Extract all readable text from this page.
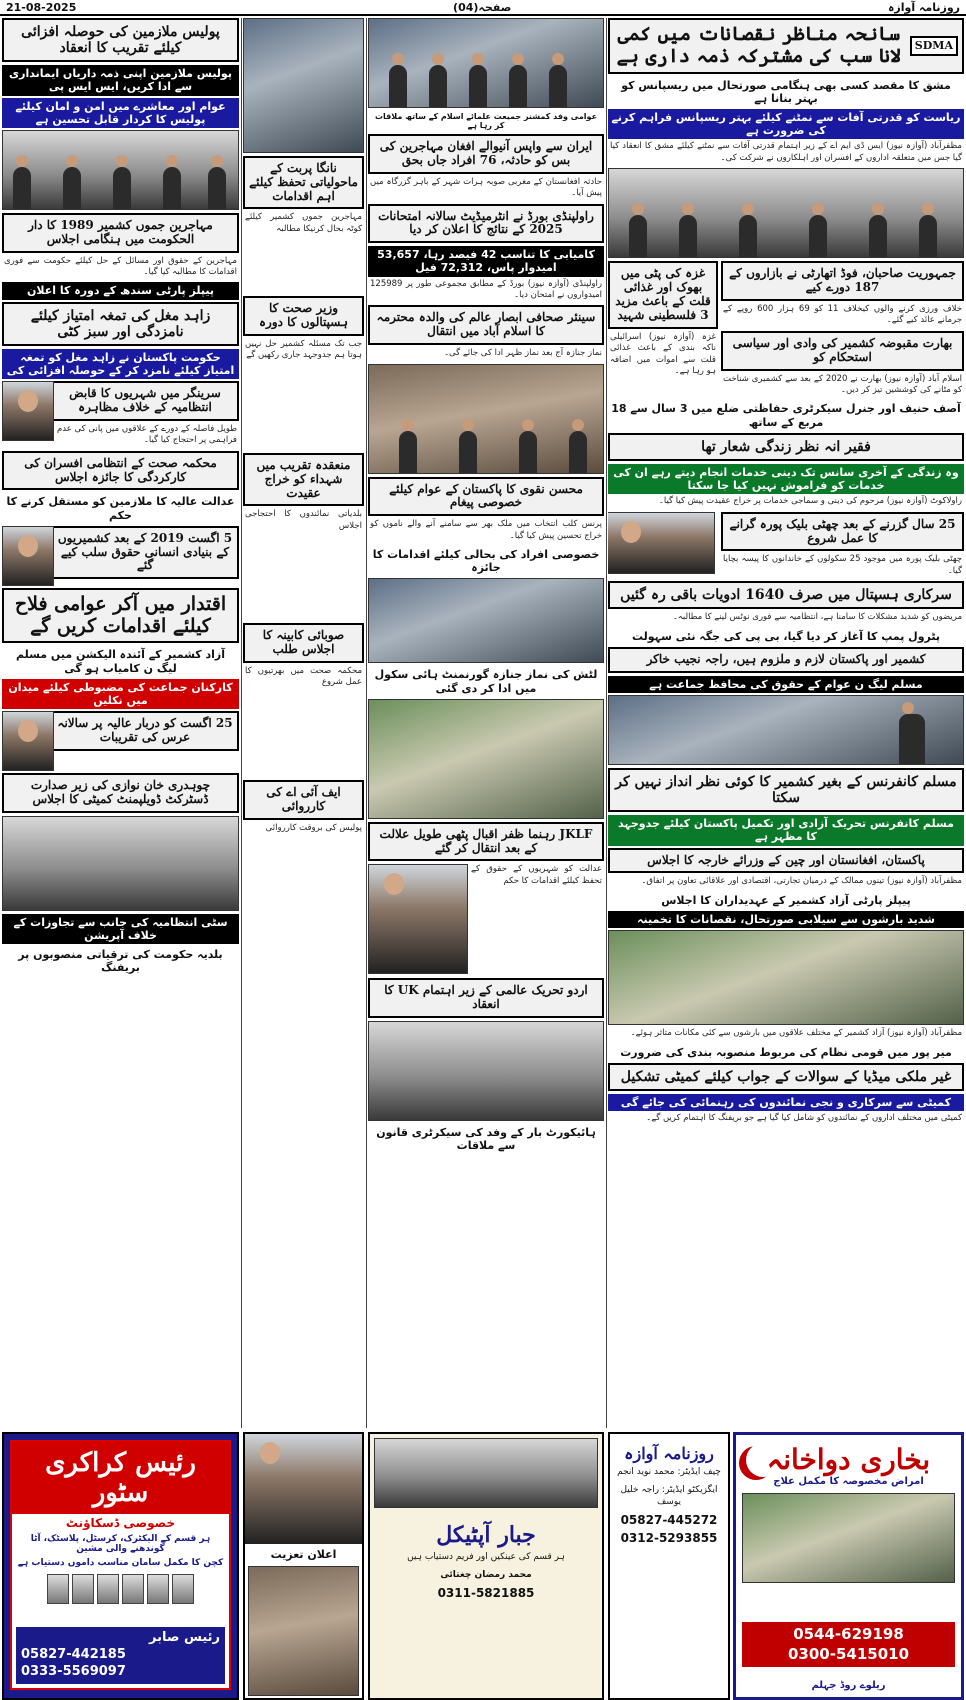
21-08-2025	صفحہ(04)	روزنامہ آوازہ
SDMA
سانحہ مناظر نقصانات میں کمی لانا سب کی مشترکہ ذمہ داری ہے
مشق کا مقصد کسی بھی ہنگامی صورتحال میں ریسپانس کو بہتر بنانا ہے
ریاست کو قدرتی آفات سے نمٹنے کیلئے بہتر ریسپانس فراہم کرنے کی ضرورت ہے
مظفرآباد (آوازہ نیوز) ایس ڈی ایم اے کے زیر اہتمام قدرتی آفات سے نمٹنے کیلئے مشق کا انعقاد کیا گیا جس میں متعلقہ اداروں کے افسران اور اہلکاروں نے شرکت کی۔
جمہوریت صاحبان، فوڈ اتھارٹی نے بازاروں کے 187 دورے کیے
خلاف ورزی کرنے والوں کیخلاف 11 کو 69 ہزار 600 روپے کے جرمانے عائد کیے گئے۔
بھارت مقبوضہ کشمیر کی وادی اور سیاسی استحکام کو
اسلام آباد (آوازہ نیوز) بھارت نے 2020 کے بعد سے کشمیری شناخت کو مٹانے کی کوششیں تیز کر دیں۔
غزہ کی پٹی میں بھوک اور غذائی قلت کے باعث مزید 3 فلسطینی شہید
غزہ (آوازہ نیوز) اسرائیلی ناکہ بندی کے باعث غذائی قلت سے اموات میں اضافہ ہو رہا ہے۔
آصف حنیف اور جنرل سیکرٹری حفاظتی ضلع میں 3 سال سے 18 مربع کے ساتھ
فقیر انہ نظر زندگی شعار تھا
وہ زندگی کے آخری سانس تک دینی خدمات انجام دیتے رہے ان کی خدمات کو فراموش نہیں کیا جا سکتا
راولاکوٹ (آوازہ نیوز) مرحوم کی دینی و سماجی خدمات پر خراج عقیدت پیش کیا گیا۔
25 سال گزرنے کے بعد چھٹی بلیک پورہ گرانے کا عمل شروع
چھٹی بلیک پورہ میں موجود 25 سکولوں کے خاندانوں کا پیسہ بچایا گیا۔
سرکاری ہسپتال میں صرف 1640 ادویات باقی رہ گئیں
مریضوں کو شدید مشکلات کا سامنا ہے، انتظامیہ سے فوری نوٹس لینے کا مطالبہ۔
پٹرول پمپ کا آغاز کر دیا گیا، بی پی کی جگہ نئی سہولت
کشمیر اور پاکستان لازم و ملزوم ہیں، راجہ نجیب خاکر
مسلم لیگ ن عوام کے حقوق کی محافظ جماعت ہے
مسلم کانفرنس کے بغیر کشمیر کا کوئی نظر انداز نہیں کر سکتا
مسلم کانفرنس تحریک آزادی اور تکمیل پاکستان کیلئے جدوجہد کا مظہر ہے
پاکستان، افغانستان اور چین کے وزرائے خارجہ کا اجلاس
مظفرآباد (آوازہ نیوز) تینوں ممالک کے درمیان تجارتی، اقتصادی اور علاقائی تعاون پر اتفاق۔
پیپلز پارٹی آزاد کشمیر کے عہدیداران کا اجلاس
شدید بارشوں سے سیلابی صورتحال، نقصانات کا تخمینہ
مظفرآباد (آوازہ نیوز) آزاد کشمیر کے مختلف علاقوں میں بارشوں سے کئی مکانات متاثر ہوئے۔
میر پور میں قومی نظام کی مربوط منصوبہ بندی کی ضرورت
غیر ملکی میڈیا کے سوالات کے جواب کیلئے کمیٹی تشکیل
کمیٹی سے سرکاری و نجی نمائندوں کی رہنمائی کی جائے گی
کمیٹی میں مختلف اداروں کے نمائندوں کو شامل کیا گیا ہے جو بریفنگ کا اہتمام کریں گے۔
عوامی وفد کمشنر جمیعت علمائے اسلام کے ساتھ ملاقات کر رہا ہے
ایران سے واپس آنیوالے افغان مہاجرین کی بس کو حادثہ، 76 افراد جاں بحق
حادثہ افغانستان کے مغربی صوبہ ہرات شہر کے باہر گزرگاہ میں پیش آیا۔
راولپنڈی بورڈ نے انٹرمیڈیٹ سالانہ امتحانات 2025 کے نتائج کا اعلان کر دیا
کامیابی کا تناسب 42 فیصد رہا، 53,657 امیدوار پاس، 72,312 فیل
راولپنڈی (آوازہ نیوز) بورڈ کے مطابق مجموعی طور پر 125989 امیدواروں نے امتحان دیا۔
سینئر صحافی ابصار عالم کی والدہ محترمہ کا اسلام آباد میں انتقال
نماز جنازہ آج بعد نماز ظہر ادا کی جائے گی۔
محسن نقوی کا پاکستان کے عوام کیلئے خصوصی پیغام
پرنس کلب انتخاب میں ملک بھر سے سامنے آنے والے ناموں کو خراج تحسین پیش کیا گیا۔
خصوصی افراد کی بحالی کیلئے اقدامات کا جائزہ
لٹش کی نماز جنازہ گورنمنٹ ہائی سکول میں ادا کر دی گئی
JKLF رہنما ظفر اقبال پٹھی طویل علالت کے بعد انتقال کر گئے
عدالت کو شہریوں کے حقوق کے تحفظ کیلئے اقدامات کا حکم
اردو تحریک عالمی کے زیر اہتمام UK کا انعقاد
ہائیکورٹ بار کے وفد کی سیکرٹری قانون سے ملاقات
نانگا پربت کے ماحولیاتی تحفظ کیلئے اہم اقدامات
مہاجرین جموں کشمیر کیلئے کوٹہ بحال کرنیکا مطالبہ
وزیر صحت کا ہسپتالوں کا دورہ
جب تک مسئلہ کشمیر حل نہیں ہوتا ہم جدوجہد جاری رکھیں گے
منعقدہ تقریب میں شہداء کو خراج عقیدت
بلدیاتی نمائندوں کا احتجاجی اجلاس
صوبائی کابینہ کا اجلاس طلب
محکمہ صحت میں بھرتیوں کا عمل شروع
ایف آئی اے کی کارروائی
پولیس کی بروقت کارروائی
پولیس ملازمین کی حوصلہ افزائی کیلئے تقریب کا انعقاد
پولیس ملازمین اپنی ذمہ داریاں ایمانداری سے ادا کریں، ایس ایس پی
عوام اور معاشرے میں امن و امان کیلئے پولیس کا کردار قابل تحسین ہے
مہاجرین جموں کشمیر 1989 کا دار الحکومت میں ہنگامی اجلاس
مہاجرین کے حقوق اور مسائل کے حل کیلئے حکومت سے فوری اقدامات کا مطالبہ کیا گیا۔
پیپلز پارٹی سندھ کے دورہ کا اعلان
زاہد مغل کی تمغہ امتیاز کیلئے نامزدگی اور سبز کٹی
حکومت پاکستان نے زاہد مغل کو تمغہ امتیاز کیلئے نامزد کر کے حوصلہ افزائی کی
سرینگر میں شہریوں کا قابض انتظامیہ کے خلاف مظاہرہ
طویل فاصلہ کے دورے کے علاقوں میں پانی کی عدم فراہمی پر احتجاج کیا گیا۔
محکمہ صحت کے انتظامی افسران کی کارکردگی کا جائزہ اجلاس
عدالت عالیہ کا ملازمین کو مستقل کرنے کا حکم
5 اگست 2019 کے بعد کشمیریوں کے بنیادی انسانی حقوق سلب کیے گئے
اقتدار میں آکر عوامی فلاح کیلئے اقدامات کریں گے
آزاد کشمیر کے آئندہ الیکشن میں مسلم لیگ ن کامیاب ہو گی
کارکنان جماعت کی مضبوطی کیلئے میدان میں نکلیں
25 اگست کو دربار عالیہ پر سالانہ عرس کی تقریبات
چوہدری خان نوازی کی زیر صدارت ڈسٹرکٹ ڈویلپمنٹ کمیٹی کا اجلاس
سٹی انتظامیہ کی جانب سے تجاوزات کے خلاف آپریشن
بلدیہ حکومت کی ترقیاتی منصوبوں پر بریفنگ
رئیس کراکری سٹور
خصوصی ڈسکاؤنٹ
ہر قسم کے الیکٹرک، کرسٹل، پلاسٹک، آٹا گوندھنے والی مشین
کچن کا مکمل سامان مناسب داموں دستیاب ہے
رئیس صابر
05827-442185
0333-5569097
اعلان تعزیت
جبار آپٹیکل
ہر قسم کی عینکیں اور فریم دستیاب ہیں
محمد رمضان چغتائی
0311-5821885
روزنامہ آوازہ
چیف ایڈیٹر: محمد نوید انجم
ایگزیکٹو ایڈیٹر: راجہ خلیل یوسف
05827-445272
0312-5293855
بخاری دواخانہ
امراض مخصوصہ کا مکمل علاج
0544-629198
0300-5415010
ریلوے روڈ جہلم
